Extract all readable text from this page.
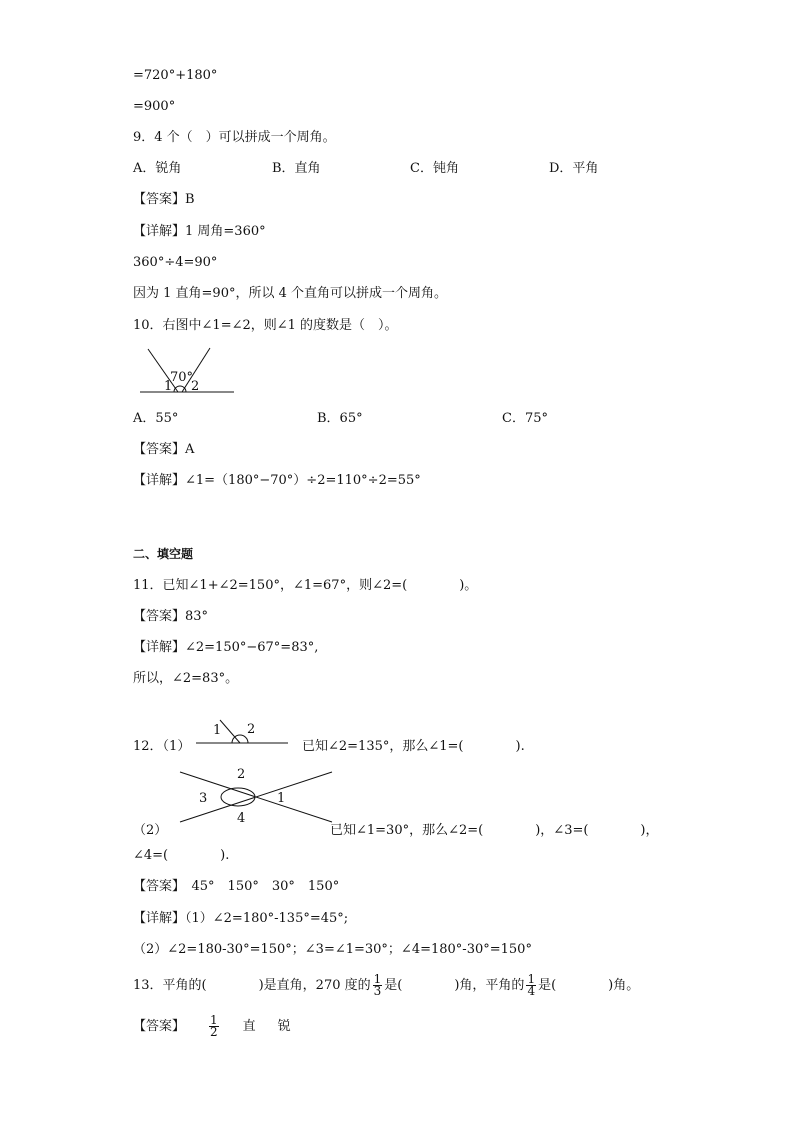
=720°+180°
=900°
9．4 个（　）可以拼成一个周角。
A．锐角	B．直角	C．钝角	D．平角
【答案】B
【详解】1 周角=360°
360°÷4=90°
因为 1 直角=90°，所以 4 个直角可以拼成一个周角。
10．右图中∠1=∠2，则∠1 的度数是（　）。
70°
1 2
A．55°	B．65°	C．75°
【答案】A
【详解】∠1=（180°−70°）÷2=110°÷2=55°
二、填空题
11．已知∠1+∠2=150°，∠1=67°，则∠2=(　　　　)。
【答案】83°
【详解】∠2=150°−67°=83°,
所以，∠2=83°。
12．（1）
1 2
已知∠2=135°，那么∠1=(　　　　).
2
1
3
4
（2）	已知∠1=30°，那么∠2=(　　　　)，∠3=(　　　　)，
∠4=(　　　　).
【答案】　45°　150°　30°　150°
【详解】（1）∠2=180°-135°=45°;
（2）∠2=180-30°=150°；∠3=∠1=30°；∠4=180°-30°=150°
13．平角的(　　　　)是直角，270 度的 $\frac{1}{3}$ 是(　　　　)角，平角的 $\frac{1}{4}$ 是(　　　　)角。
【答案】 $\frac{1}{2}$ 直 锐
